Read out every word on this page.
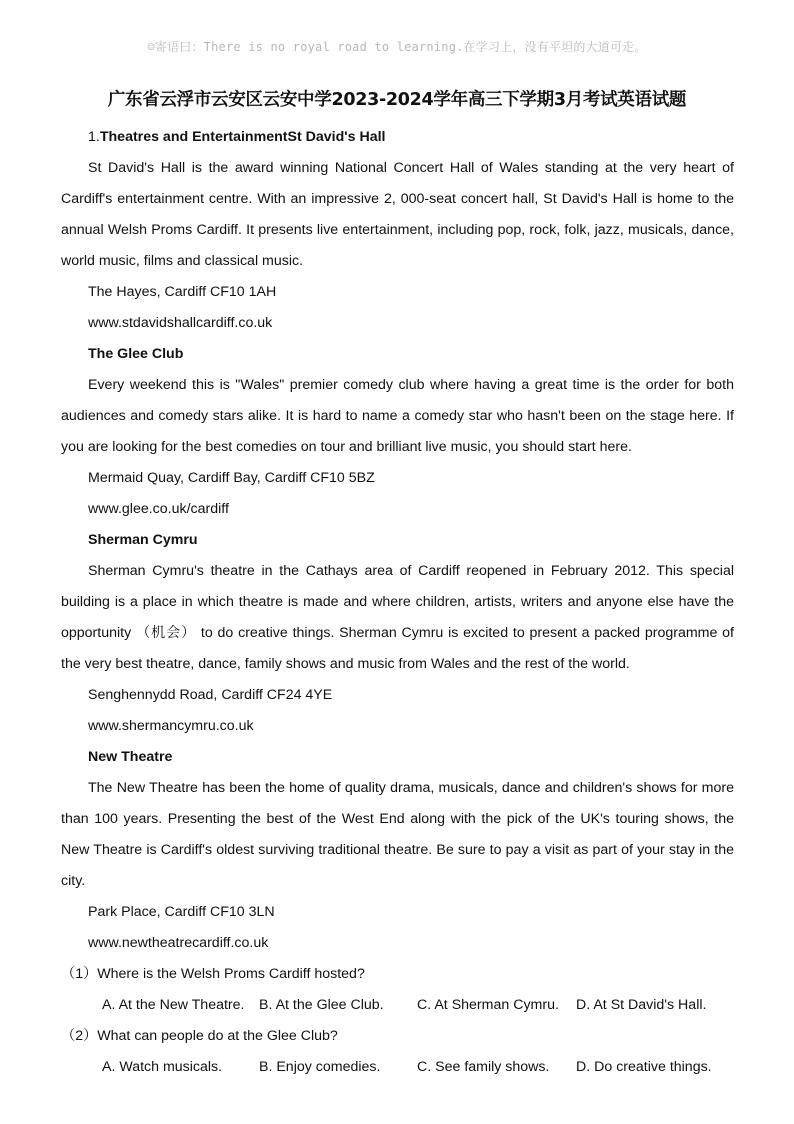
☺寄语曰：There is no royal road to learning.在学习上，没有平坦的大道可走。
广东省云浮市云安区云安中学2023-2024学年高三下学期3月考试英语试题

1.Theatres and EntertainmentSt David's Hall

St David's Hall is the award winning National Concert Hall of Wales standing at the very heart of Cardiff's entertainment centre. With an impressive 2, 000-seat concert hall, St David's Hall is home to the annual Welsh Proms Cardiff. It presents live entertainment, including pop, rock, folk, jazz, musicals, dance, world music, films and classical music.

The Hayes, Cardiff CF10 1AH

www.stdavidshallcardiff.co.uk

The Glee Club

Every weekend this is "Wales" premier comedy club where having a great time is the order for both audiences and comedy stars alike. It is hard to name a comedy star who hasn't been on the stage here. If you are looking for the best comedies on tour and brilliant live music, you should start here.

Mermaid Quay, Cardiff Bay, Cardiff CF10 5BZ

www.glee.co.uk/cardiff

Sherman Cymru

Sherman Cymru's theatre in the Cathays area of Cardiff reopened in February 2012. This special building is a place in which theatre is made and where children, artists, writers and anyone else have the opportunity （机会） to do creative things. Sherman Cymru is excited to present a packed programme of the very best theatre, dance, family shows and music from Wales and the rest of the world.

Senghennydd Road, Cardiff CF24 4YE

www.shermancymru.co.uk

New Theatre

The New Theatre has been the home of quality drama, musicals, dance and children's shows for more than 100 years. Presenting the best of the West End along with the pick of the UK's touring shows, the New Theatre is Cardiff's oldest surviving traditional theatre. Be sure to pay a visit as part of your stay in the city.

Park Place, Cardiff CF10 3LN

www.newtheatrecardiff.co.uk

（1）Where is the Welsh Proms Cardiff hosted?

A. At the New Theatre. B. At the Glee Club. C. At Sherman Cymru. D. At St David's Hall.

（2）What can people do at the Glee Club?

A. Watch musicals.	B. Enjoy comedies.	C. See family shows. D. Do creative things.
